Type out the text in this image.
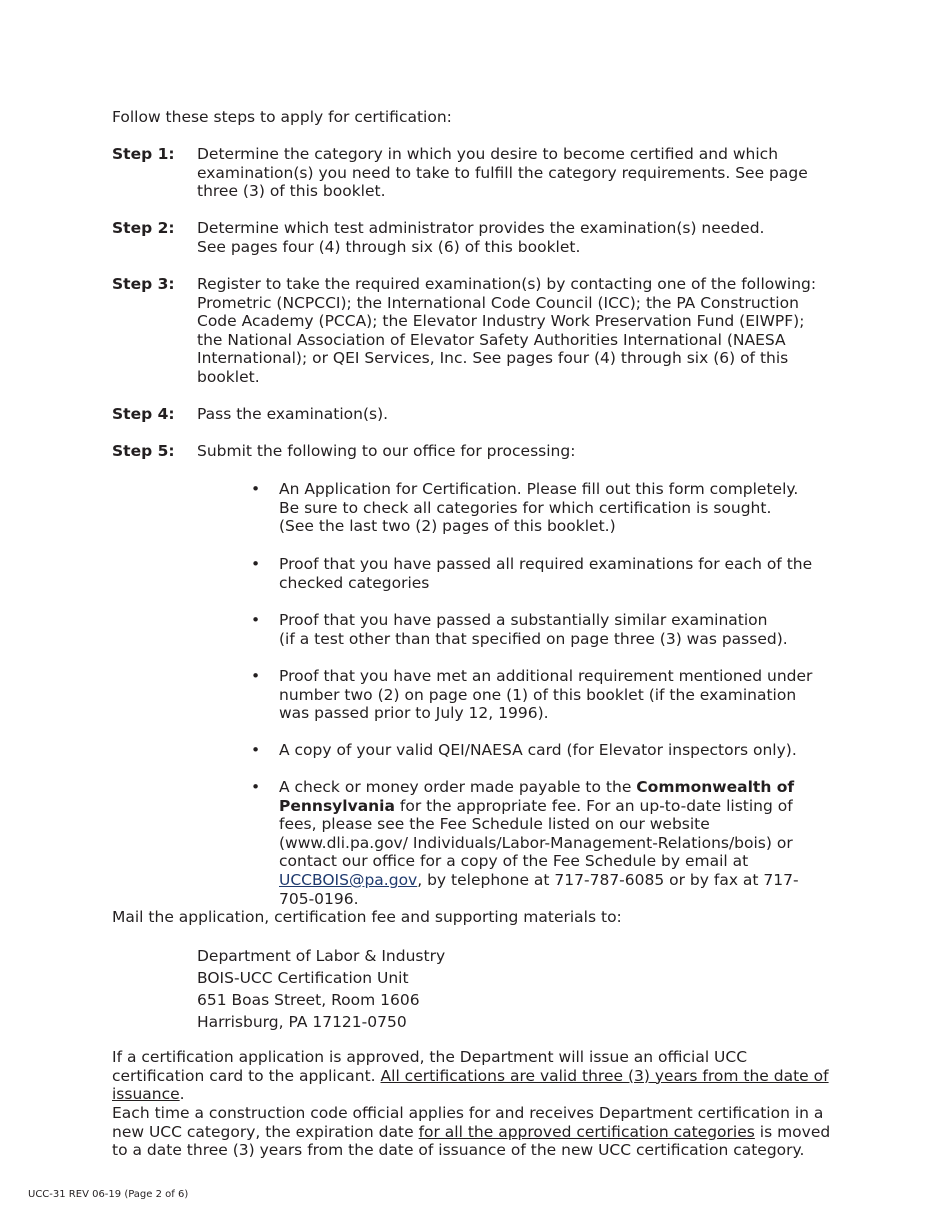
Follow these steps to apply for certification:
Step 1: Determine the category in which you desire to become certified and which examination(s) you need to take to fulfill the category requirements. See page three (3) of this booklet.
Step 2: Determine which test administrator provides the examination(s) needed. See pages four (4) through six (6) of this booklet.
Step 3: Register to take the required examination(s) by contacting one of the following: Prometric (NCPCCI); the International Code Council (ICC); the PA Construction Code Academy (PCCA); the Elevator Industry Work Preservation Fund (EIWPF); the National Association of Elevator Safety Authorities International (NAESA International); or QEI Services, Inc. See pages four (4) through six (6) of this booklet.
Step 4: Pass the examination(s).
Step 5: Submit the following to our office for processing:
• An Application for Certification. Please fill out this form completely.
Be sure to check all categories for which certification is sought.
(See the last two (2) pages of this booklet.)
• Proof that you have passed all required examinations for each of the checked categories
• Proof that you have passed a substantially similar examination
(if a test other than that specified on page three (3) was passed).
• Proof that you have met an additional requirement mentioned under number two (2) on page one (1) of this booklet (if the examination was passed prior to July 12, 1996).
• A copy of your valid QEI/NAESA card (for Elevator inspectors only).
• A check or money order made payable to the Commonwealth of Pennsylvania for the appropriate fee. For an up-to-date listing of fees, please see the Fee Schedule listed on our website (www.dli.pa.gov/ Individuals/Labor-Management-Relations/bois) or contact our office for a copy of the Fee Schedule by email at UCCBOIS@pa.gov, by telephone at 717-787-6085 or by fax at 717-705-0196.
Mail the application, certification fee and supporting materials to:
Department of Labor & Industry
BOIS-UCC Certification Unit
651 Boas Street, Room 1606
Harrisburg, PA 17121-0750
If a certification application is approved, the Department will issue an official UCC certification card to the applicant. All certifications are valid three (3) years from the date of issuance.
Each time a construction code official applies for and receives Department certification in a new UCC category, the expiration date for all the approved certification categories is moved to a date three (3) years from the date of issuance of the new UCC certification category.
UCC-31 REV 06-19 (Page 2 of 6)
